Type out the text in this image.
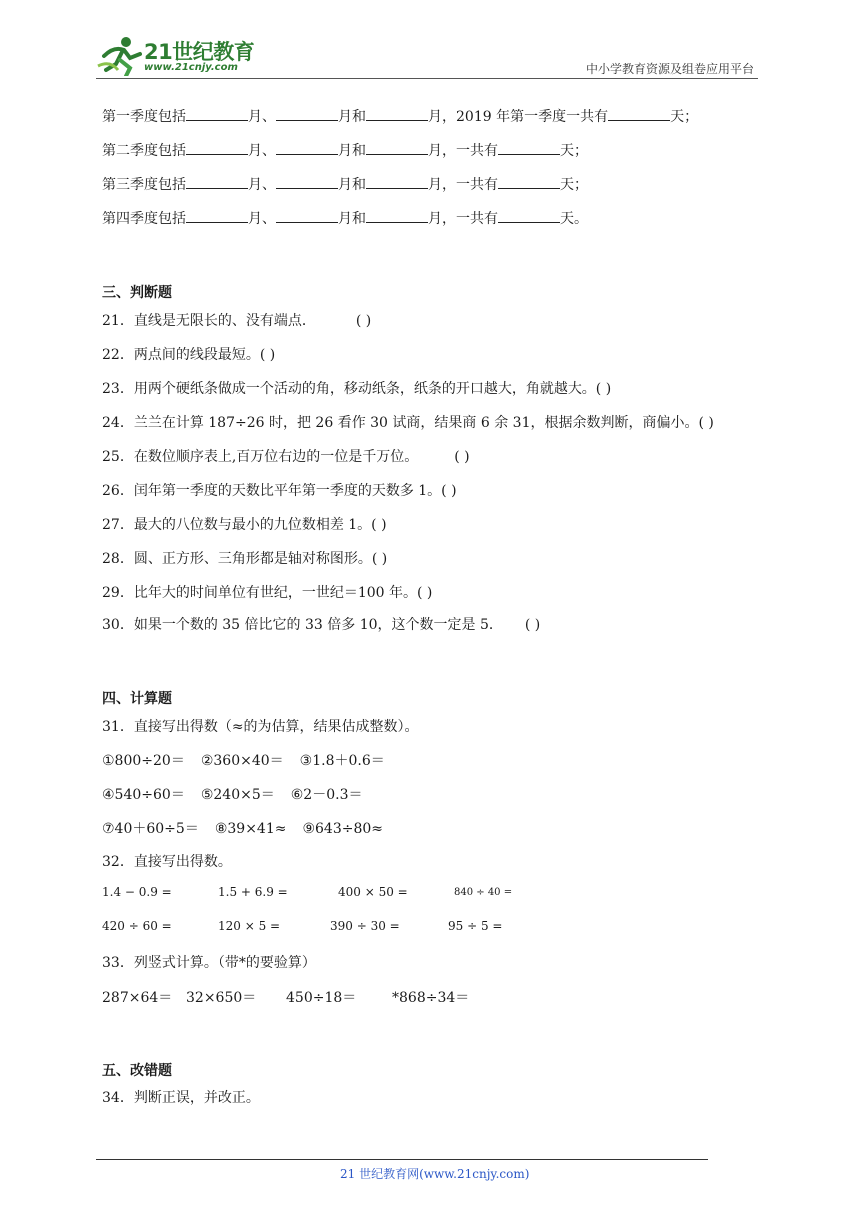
21世纪教育
www.21cnjy.com	中小学教育资源及组卷应用平台
第一季度包括	月、	月和	月，2019 年第一季度一共有	天；
第二季度包括	月、	月和	月，一共有	天；
第三季度包括	月、	月和	月，一共有	天；
第四季度包括	月、	月和	月，一共有	天。
三、判断题
21．直线是无限长的、没有端点．	( )
22．两点间的线段最短。( )
23．用两个硬纸条做成一个活动的角，移动纸条，纸条的开口越大，角就越大。( )
24．兰兰在计算 187÷26 时，把 26 看作 30 试商，结果商 6 余 31，根据余数判断，商偏小。( )
25．在数位顺序表上,百万位右边的一位是千万位。	( )
26．闰年第一季度的天数比平年第一季度的天数多 1。( )
27．最大的八位数与最小的九位数相差 1。( )
28．圆、正方形、三角形都是轴对称图形。( )
29．比年大的时间单位有世纪，一世纪＝100 年。( )
30．如果一个数的 35 倍比它的 33 倍多 10，这个数一定是 5． ( )
四、计算题
31．直接写出得数（≈的为估算，结果估成整数）。
①800÷20＝ ②360×40＝ ③1.8＋0.6＝
④540÷60＝ ⑤240×5＝ ⑥2－0.3＝
⑦40＋60÷5＝ ⑧39×41≈ ⑨643÷80≈
32．直接写出得数。
1.4 − 0.9 =	1.5 + 6.9 =	400 × 50 =	840 ÷ 40 =
420 ÷ 60 =	120 × 5 =	390 ÷ 30 =	95 ÷ 5 =
33．列竖式计算。（带*的要验算）
287×64＝ 32×650＝ 450÷18＝	*868÷34＝
五、改错题
34．判断正误，并改正。
21 世纪教育网(www.21cnjy.com)
